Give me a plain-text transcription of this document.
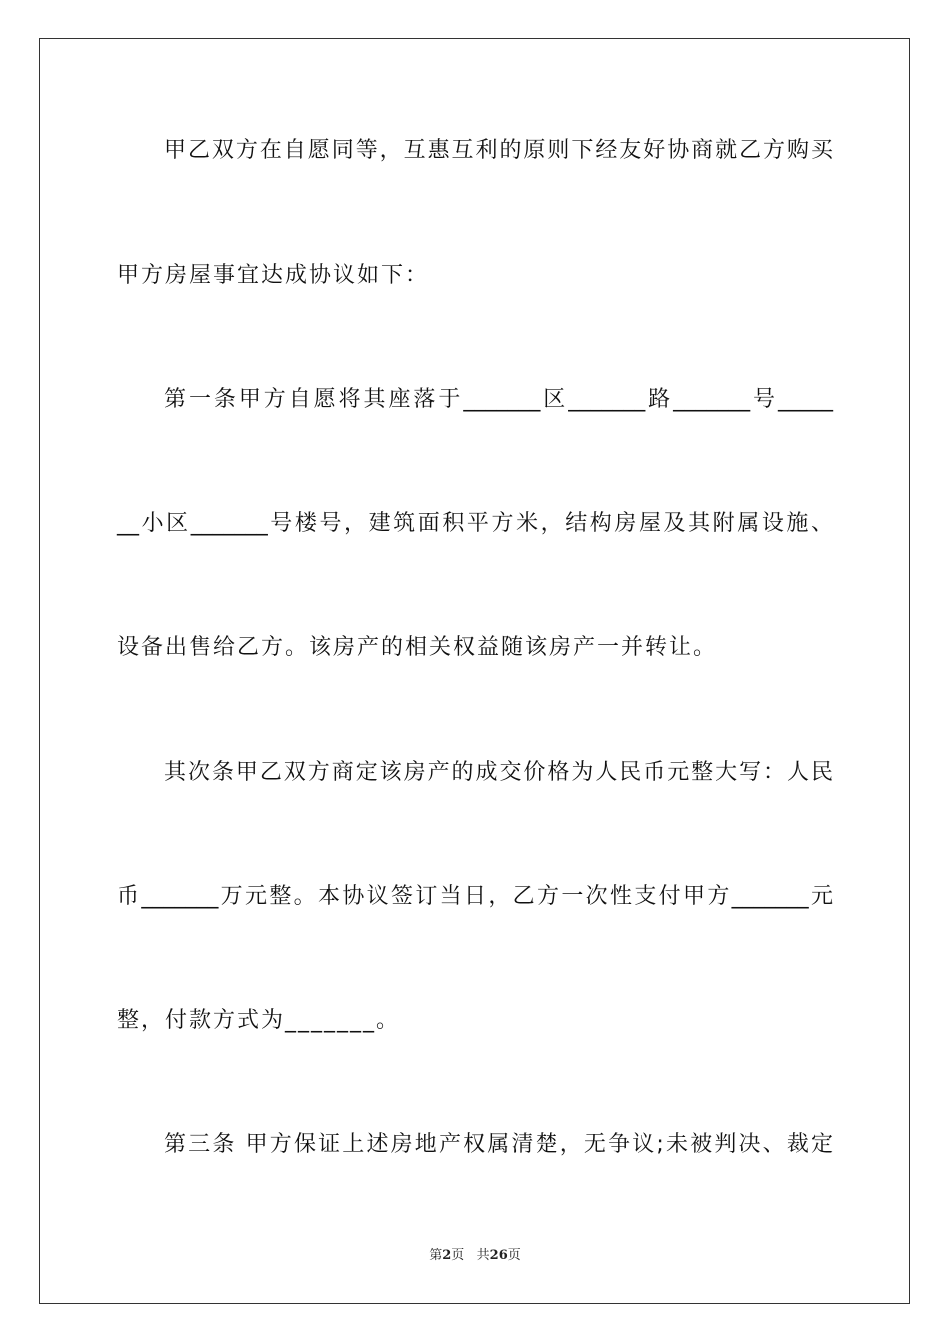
甲乙双方在自愿同等，互惠互利的原则下经友好协商就乙方购买
甲方房屋事宜达成协议如下：
第一条甲方自愿将其座落于_______区_______路_______号_____
__小区_______号楼号，建筑面积平方米，结构房屋及其附属设施、
设备出售给乙方。该房产的相关权益随该房产一并转让。
其次条甲乙双方商定该房产的成交价格为人民币元整大写：人民
币_______万元整。本协议签订当日，乙方一次性支付甲方_______元
整，付款方式为_______。
第三条 甲方保证上述房地产权属清楚，无争议;未被判决、裁定
第2页   共26页
